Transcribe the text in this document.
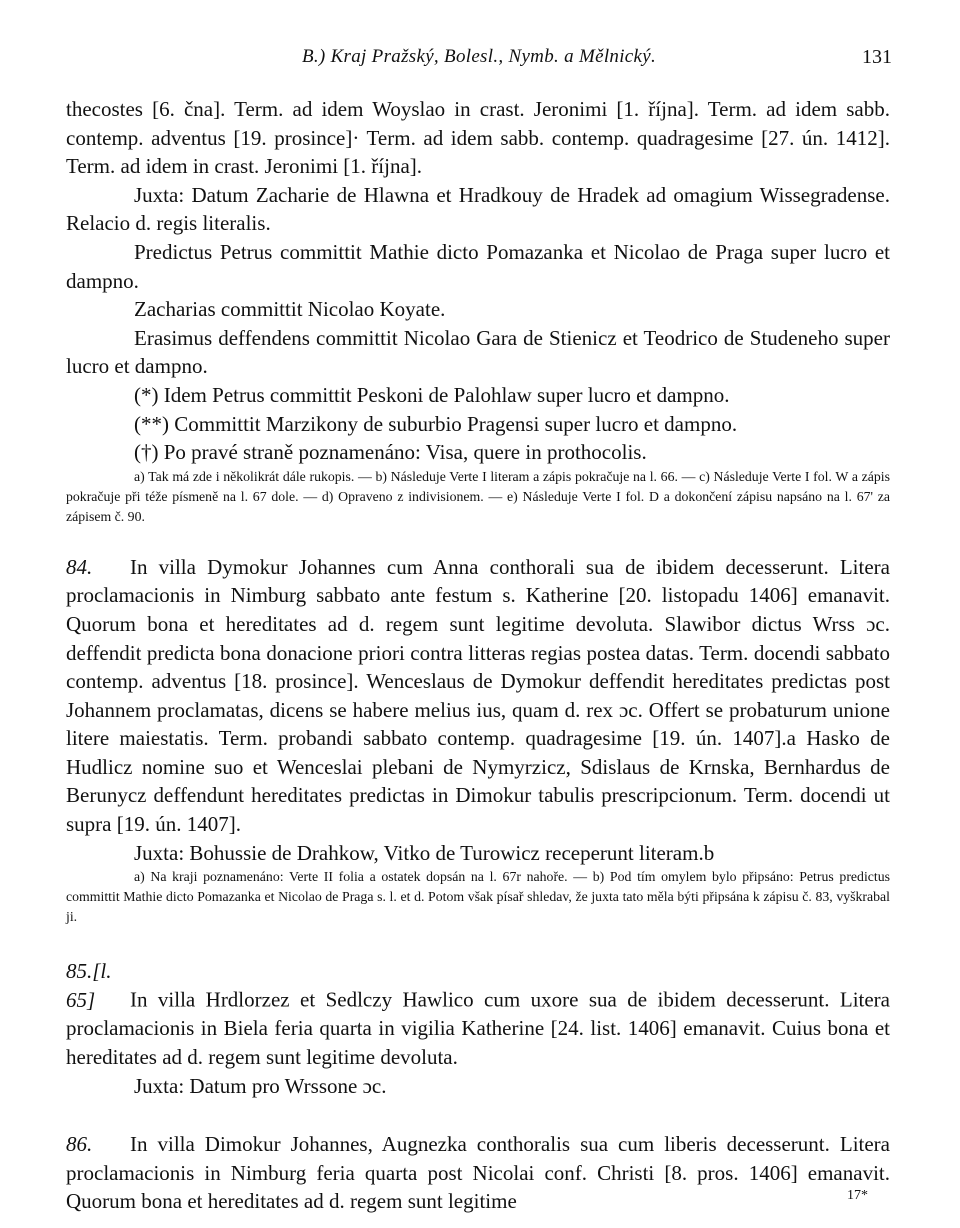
B.) Kraj Pražský, Bolesl., Nymb. a Mělnický.	131

thecostes [6. čna]. Term. ad idem Woyslao in crast. Jeronimi [1. října]. Term. ad idem sabb. contemp. adventus [19. prosince]· Term. ad idem sabb. contemp. quadragesime [27. ún. 1412]. Term. ad idem in crast. Jeronimi [1. října].

Juxta: Datum Zacharie de Hlawna et Hradkouy de Hradek ad omagium Wissegradense. Relacio d. regis literalis.

Predictus Petrus committit Mathie dicto Pomazanka et Nicolao de Praga super lucro et dampno.

Zacharias committit Nicolao Koyate.

Erasimus deffendens committit Nicolao Gara de Stienicz et Teodrico de Studeneho super lucro et dampno.

(*) Idem Petrus committit Peskoni de Palohlaw super lucro et dampno.

(**) Committit Marzikony de suburbio Pragensi super lucro et dampno.

(†) Po pravé straně poznamenáno: Visa, quere in prothocolis.

a) Tak má zde i několikrát dále rukopis. — b) Následuje Verte I literam a zápis pokračuje na l. 66. — c) Následuje Verte I fol. W a zápis pokračuje při téže písmeně na l. 67 dole. — d) Opraveno z indivisionem. — e) Následuje Verte I fol. D a dokončení zápisu napsáno na l. 67' za zápisem č. 90.

84. In villa Dymokur Johannes cum Anna conthorali sua de ibidem decesserunt. Litera proclamacionis in Nimburg sabbato ante festum s. Katherine [20. listopadu 1406] emanavit. Quorum bona et hereditates ad d. regem sunt legitime devoluta. Slawibor dictus Wrss ɔc. deffendit predicta bona donacione priori contra litteras regias postea datas. Term. docendi sabbato contemp. adventus [18. prosince]. Wenceslaus de Dymokur deffendit hereditates predictas post Johannem proclamatas, dicens se habere melius ius, quam d. rex ɔc. Offert se probaturum unione litere maiestatis. Term. probandi sabbato contemp. quadragesime [19. ún. 1407].a Hasko de Hudlicz nomine suo et Wenceslai plebani de Nymyrzicz, Sdislaus de Krnska, Bernhardus de Berunycz deffendunt hereditates predictas in Dimokur tabulis prescripcionum. Term. docendi ut supra [19. ún. 1407].

Juxta: Bohussie de Drahkow, Vitko de Turowicz receperunt literam.b

a) Na kraji poznamenáno: Verte II folia a ostatek dopsán na l. 67r nahoře. — b) Pod tím omylem bylo připsáno: Petrus predictus committit Mathie dicto Pomazanka et Nicolao de Praga s. l. et d. Potom však písař shledav, že juxta tato měla býti připsána k zápisu č. 83, vyškrabal ji.

85.[l. 65] In villa Hrdlorzez et Sedlczy Hawlico cum uxore sua de ibidem decesserunt. Litera proclamacionis in Biela feria quarta in vigilia Katherine [24. list. 1406] emanavit. Cuius bona et hereditates ad d. regem sunt legitime devoluta.

Juxta: Datum pro Wrssone ɔc.

86. In villa Dimokur Johannes, Augnezka conthoralis sua cum liberis decesserunt. Litera proclamacionis in Nimburg feria quarta post Nicolai conf. Christi [8. pros. 1406] emanavit. Quorum bona et hereditates ad d. regem sunt legitime	17*
